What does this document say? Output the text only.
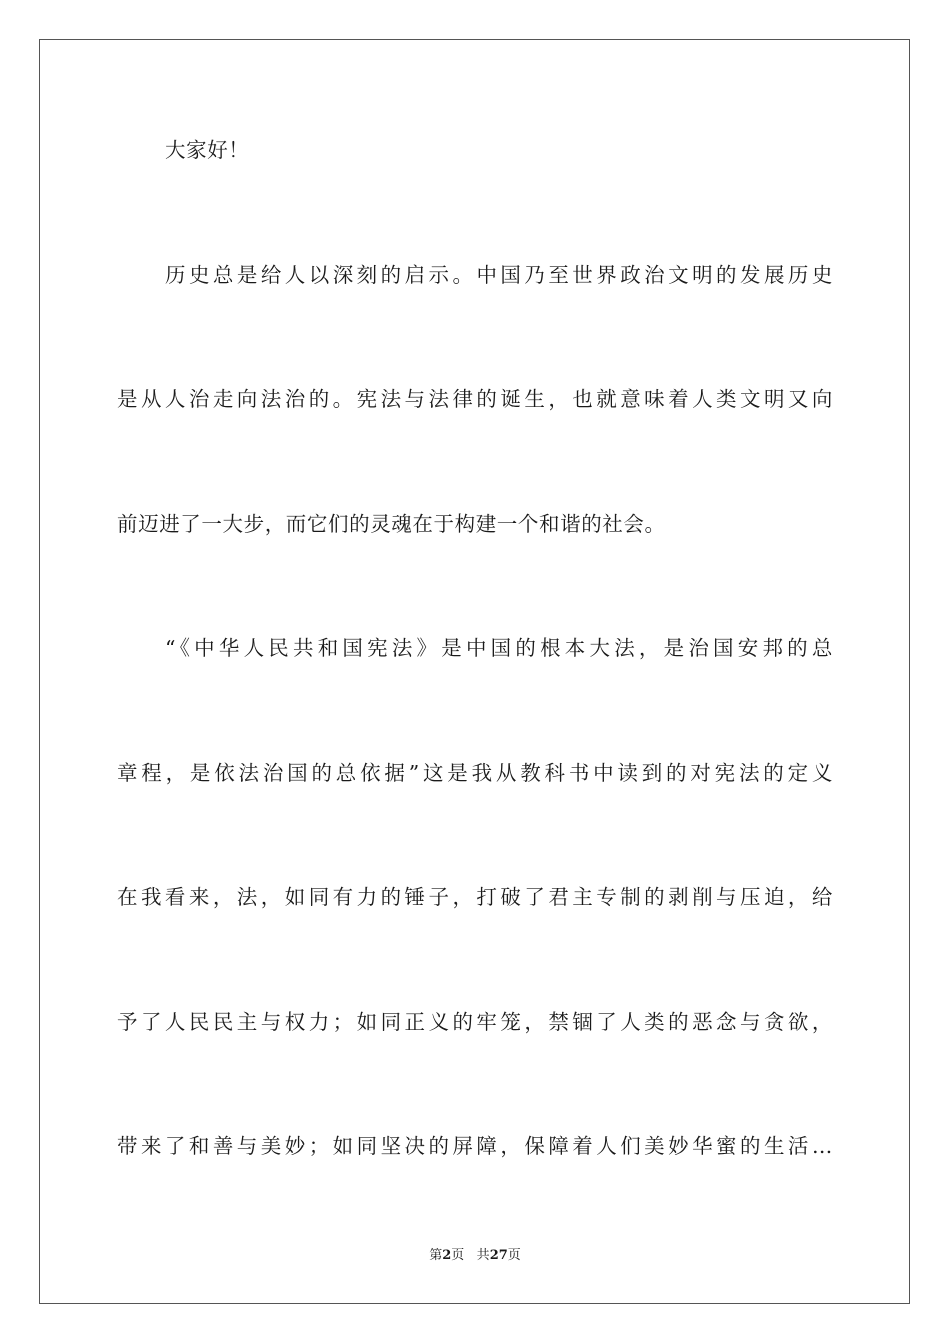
大家好！
历史总是给人以深刻的启示。中国乃至世界政治文明的发展历史
是从人治走向法治的。宪法与法律的诞生，也就意味着人类文明又向
前迈进了一大步，而它们的灵魂在于构建一个和谐的社会。
“《中华人民共和国宪法》是中国的根本大法，是治国安邦的总
章程，是依法治国的总依据”这是我从教科书中读到的对宪法的定义
在我看来，法，如同有力的锤子，打破了君主专制的剥削与压迫，给
予了人民民主与权力；如同正义的牢笼，禁锢了人类的恶念与贪欲，
带来了和善与美妙；如同坚决的屏障，保障着人们美妙华蜜的生活…
第2页 共27页
